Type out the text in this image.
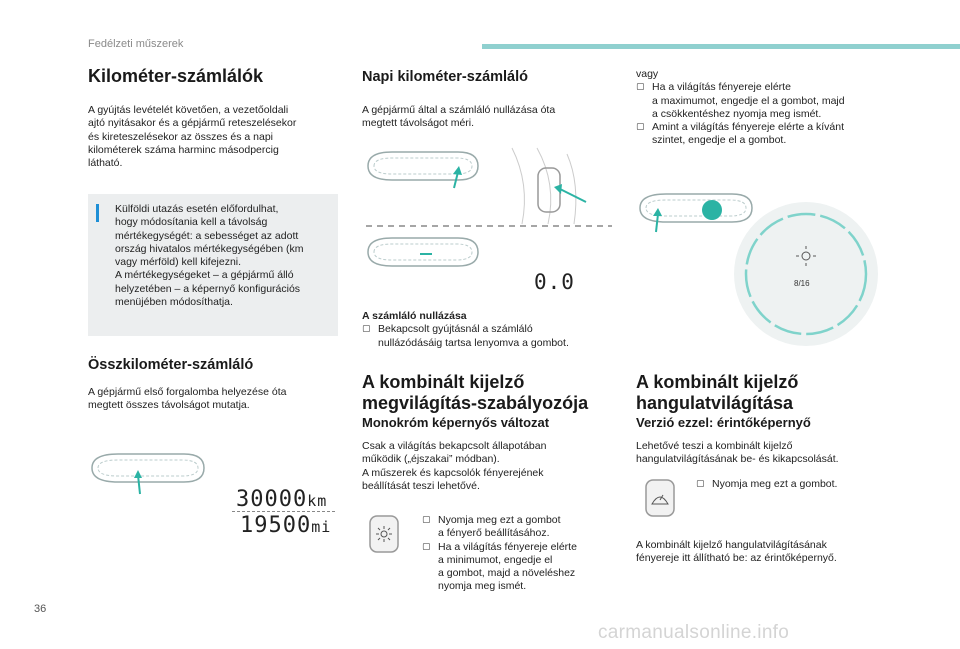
Fedélzeti műszerek
36
carmanualsonline.info
Kilométer-számlálók

A gyújtás levételét követően, a vezetőoldali

ajtó nyitásakor és a gépjármű reteszelésekor

és kireteszelésekor az összes és a napi

kilométerek száma harminc másodpercig

látható.

Külföldi utazás esetén előfordulhat,

hogy módosítania kell a távolság

mértékegységét: a sebességet az adott

ország hivatalos mértékegységében (km

vagy mérföld) kell kifejezni.

A mértékegységeket – a gépjármű álló

helyzetében – a képernyő konfigurációs

menüjében módosíthatja.

Összkilométer-számláló

A gépjármű első forgalomba helyezése óta

megtett összes távolságot mutatja.

30000km
19500mi
Napi kilométer-számláló

A gépjármű által a számláló nullázása óta

megtett távolságot méri.

0.0

A számláló nullázása

▢ Bekapcsolt gyújtásnál a számláló

nullázódásáig tartsa lenyomva a gombot.

A kombinált kijelző

megvilágítás-szabályozója

Monokróm képernyős változat

Csak a világítás bekapcsolt állapotában

működik („éjszakai” módban).

A műszerek és kapcsolók fényerejének

beállítását teszi lehetővé.

▢ Nyomja meg ezt a gombot

a fényerő beállításához.

▢ Ha a világítás fényereje elérte

a minimumot, engedje el

a gombot, majd a növeléshez

nyomja meg ismét.

vagy

▢ Ha a világítás fényereje elérte

a maximumot, engedje el a gombot, majd

a csökkentéshez nyomja meg ismét.

▢ Amint a világítás fényereje elérte a kívánt

szintet, engedje el a gombot.

8/16

A kombinált kijelző

hangulatvilágítása

Verzió ezzel: érintőképernyő

Lehetővé teszi a kombinált kijelző

hangulatvilágításának be- és kikapcsolását.

▢ Nyomja meg ezt a gombot.

A kombinált kijelző hangulatvilágításának

fényereje itt állítható be: az érintőképernyő.
